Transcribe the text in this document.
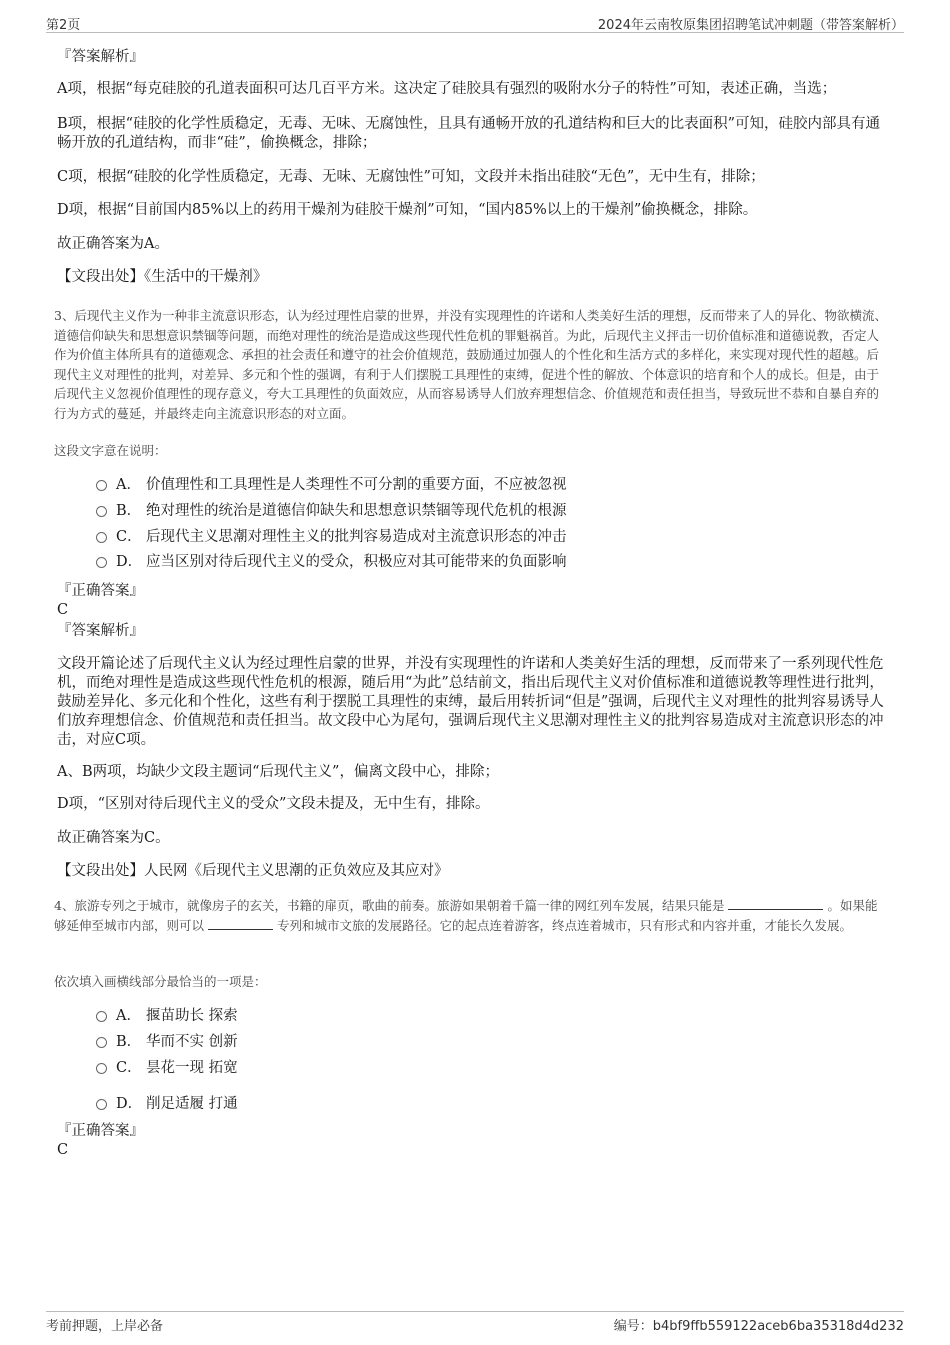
第2页	2024年云南牧原集团招聘笔试冲刺题（带答案解析）
『答案解析』
A项，根据“每克硅胶的孔道表面积可达几百平方米。这决定了硅胶具有强烈的吸附水分子的特性”可知，表述正确，当选；
B项，根据“硅胶的化学性质稳定，无毒、无味、无腐蚀性，且具有通畅开放的孔道结构和巨大的比表面积”可知，硅胶内部具有通畅开放的孔道结构，而非“硅”，偷换概念，排除；
C项，根据“硅胶的化学性质稳定，无毒、无味、无腐蚀性”可知，文段并未指出硅胶“无色”，无中生有，排除；
D项，根据“目前国内85%以上的药用干燥剂为硅胶干燥剂”可知，“国内85%以上的干燥剂”偷换概念，排除。
故正确答案为A。
【文段出处】《生活中的干燥剂》
3、后现代主义作为一种非主流意识形态，认为经过理性启蒙的世界，并没有实现理性的许诺和人类美好生活的理想，反而带来了人的异化、物欲横流、道德信仰缺失和思想意识禁锢等问题，而绝对理性的统治是造成这些现代性危机的罪魁祸首。为此，后现代主义抨击一切价值标准和道德说教，否定人作为价值主体所具有的道德观念、承担的社会责任和遵守的社会价值规范，鼓励通过加强人的个性化和生活方式的多样化，来实现对现代性的超越。后现代主义对理性的批判，对差异、多元和个性的强调，有利于人们摆脱工具理性的束缚，促进个性的解放、个体意识的培育和个人的成长。但是，由于后现代主义忽视价值理性的现存意义，夸大工具理性的负面效应，从而容易诱导人们放弃理想信念、价值规范和责任担当，导致玩世不恭和自暴自弃的行为方式的蔓延，并最终走向主流意识形态的对立面。
这段文字意在说明：
A． 价值理性和工具理性是人类理性不可分割的重要方面，不应被忽视
B． 绝对理性的统治是道德信仰缺失和思想意识禁锢等现代危机的根源
C． 后现代主义思潮对理性主义的批判容易造成对主流意识形态的冲击
D． 应当区别对待后现代主义的受众，积极应对其可能带来的负面影响
『正确答案』
C
『答案解析』
文段开篇论述了后现代主义认为经过理性启蒙的世界，并没有实现理性的许诺和人类美好生活的理想，反而带来了一系列现代性危机，而绝对理性是造成这些现代性危机的根源，随后用“为此”总结前文，指出后现代主义对价值标准和道德说教等理性进行批判，鼓励差异化、多元化和个性化，这些有利于摆脱工具理性的束缚，最后用转折词“但是”强调，后现代主义对理性的批判容易诱导人们放弃理想信念、价值规范和责任担当。故文段中心为尾句，强调后现代主义思潮对理性主义的批判容易造成对主流意识形态的冲击，对应C项。
A、B两项，均缺少文段主题词“后现代主义”，偏离文段中心，排除；
D项，“区别对待后现代主义的受众”文段未提及，无中生有，排除。
故正确答案为C。
【文段出处】人民网《后现代主义思潮的正负效应及其应对》
4、旅游专列之于城市，就像房子的玄关，书籍的扉页，歌曲的前奏。旅游如果朝着千篇一律的网红列车发展，结果只能是	。如果能够延伸至城市内部，则可以	专列和城市文旅的发展路径。它的起点连着游客，终点连着城市，只有形式和内容并重，才能长久发展。
依次填入画横线部分最恰当的一项是：
A． 揠苗助长 探索
B． 华而不实 创新
C． 昙花一现 拓宽
D． 削足适履 打通
『正确答案』
C
考前押题，上岸必备	编号：b4bf9ffb559122aceb6ba35318d4d232
